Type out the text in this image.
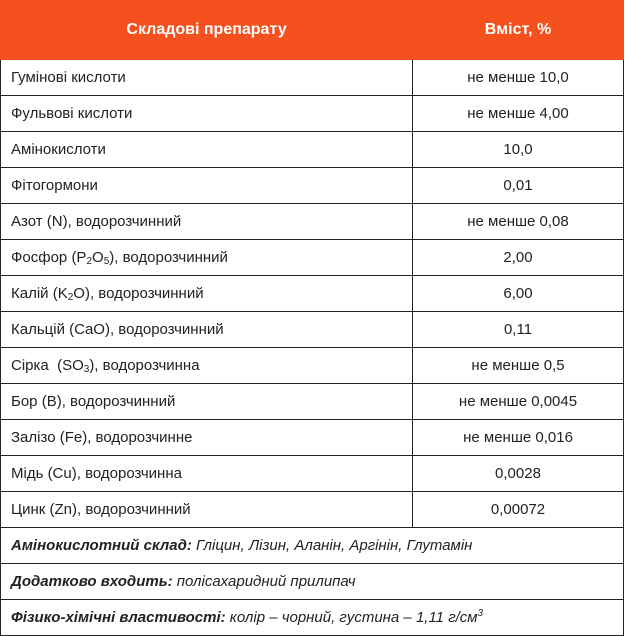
Складові препарату	Вміст, %
Гумінові кислоти	не менше 10,0
Фульвові кислоти	не менше 4,00
Амінокислоти	10,0
Фітогормони	0,01
Азот (N), водорозчинний	не менше 0,08
Фосфор $(P_2O_5)$, водорозчинний	2,00
Калій $(K_2O)$, водорозчинний	6,00
Кальцій (CaO), водорозчинний	0,11
Сірка  $(SO_3)$, водорозчинна	не менше 0,5
Бор (B), водорозчинний	не менше 0,0045
Залізо (Fe), водорозчинне	не менше 0,016
Мідь (Cu), водорозчинна	0,0028
Цинк (Zn), водорозчинний	0,00072
Амінокислотний склад: Гліцин, Лізин, Аланін, Аргінін, Глутамін	
Додатково входить: полісахаридний прилипач	
Фізико-хімічні властивості: колір – чорний, густина – 1,11 $г/см^3$
